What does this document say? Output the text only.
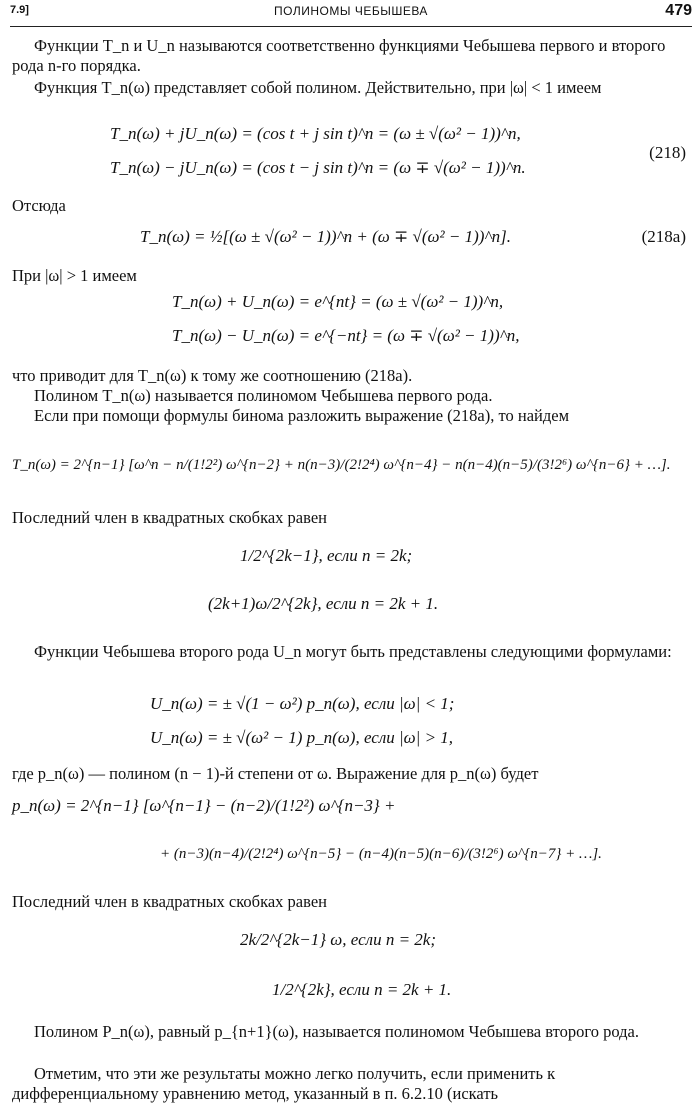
7.9]	ПОЛИНОМЫ ЧЕБЫШЕВА	479
Функции T_n и U_n называются соответственно функциями Чебышева первого и второго рода n-го порядка.
Функция T_n(ω) представляет собой полином. Действительно, при |ω| < 1 имеем
T_n(ω) + jU_n(ω) = (cos t + j sin t)^n = (ω ± √(ω² − 1))^n,
T_n(ω) − jU_n(ω) = (cos t − j sin t)^n = (ω ∓ √(ω² − 1))^n.
(218)
Отсюда
T_n(ω) = ½[(ω ± √(ω² − 1))^n + (ω ∓ √(ω² − 1))^n].	(218a)
При |ω| > 1 имеем
T_n(ω) + U_n(ω) = e^{nt} = (ω ± √(ω² − 1))^n,
T_n(ω) − U_n(ω) = e^{−nt} = (ω ∓ √(ω² − 1))^n,
что приводит для T_n(ω) к тому же соотношению (218a).
Полином T_n(ω) называется полиномом Чебышева первого рода.
Если при помощи формулы бинома разложить выражение (218a), то найдем
T_n(ω) = 2^{n−1} [ω^n − n/(1!2²) ω^{n−2} + n(n−3)/(2!2⁴) ω^{n−4} − n(n−4)(n−5)/(3!2⁶) ω^{n−6} + …].
Последний член в квадратных скобках равен
1/2^{2k−1}, если n = 2k;
(2k+1)ω/2^{2k}, если n = 2k + 1.
Функции Чебышева второго рода U_n могут быть представлены следующими формулами:
U_n(ω) = ± √(1 − ω²) p_n(ω), если |ω| < 1;
U_n(ω) = ± √(ω² − 1) p_n(ω), если |ω| > 1,
где p_n(ω) — полином (n − 1)-й степени от ω. Выражение для p_n(ω) будет
p_n(ω) = 2^{n−1} [ω^{n−1} − (n−2)/(1!2²) ω^{n−3} +
+ (n−3)(n−4)/(2!2⁴) ω^{n−5} − (n−4)(n−5)(n−6)/(3!2⁶) ω^{n−7} + …].
Последний член в квадратных скобках равен
2k/2^{2k−1} ω, если n = 2k;
1/2^{2k}, если n = 2k + 1.
Полином P_n(ω), равный p_{n+1}(ω), называется полиномом Чебышева второго рода.
Отметим, что эти же результаты можно легко получить, если применить к дифференциальному уравнению метод, указанный в п. 6.2.10 (искать
